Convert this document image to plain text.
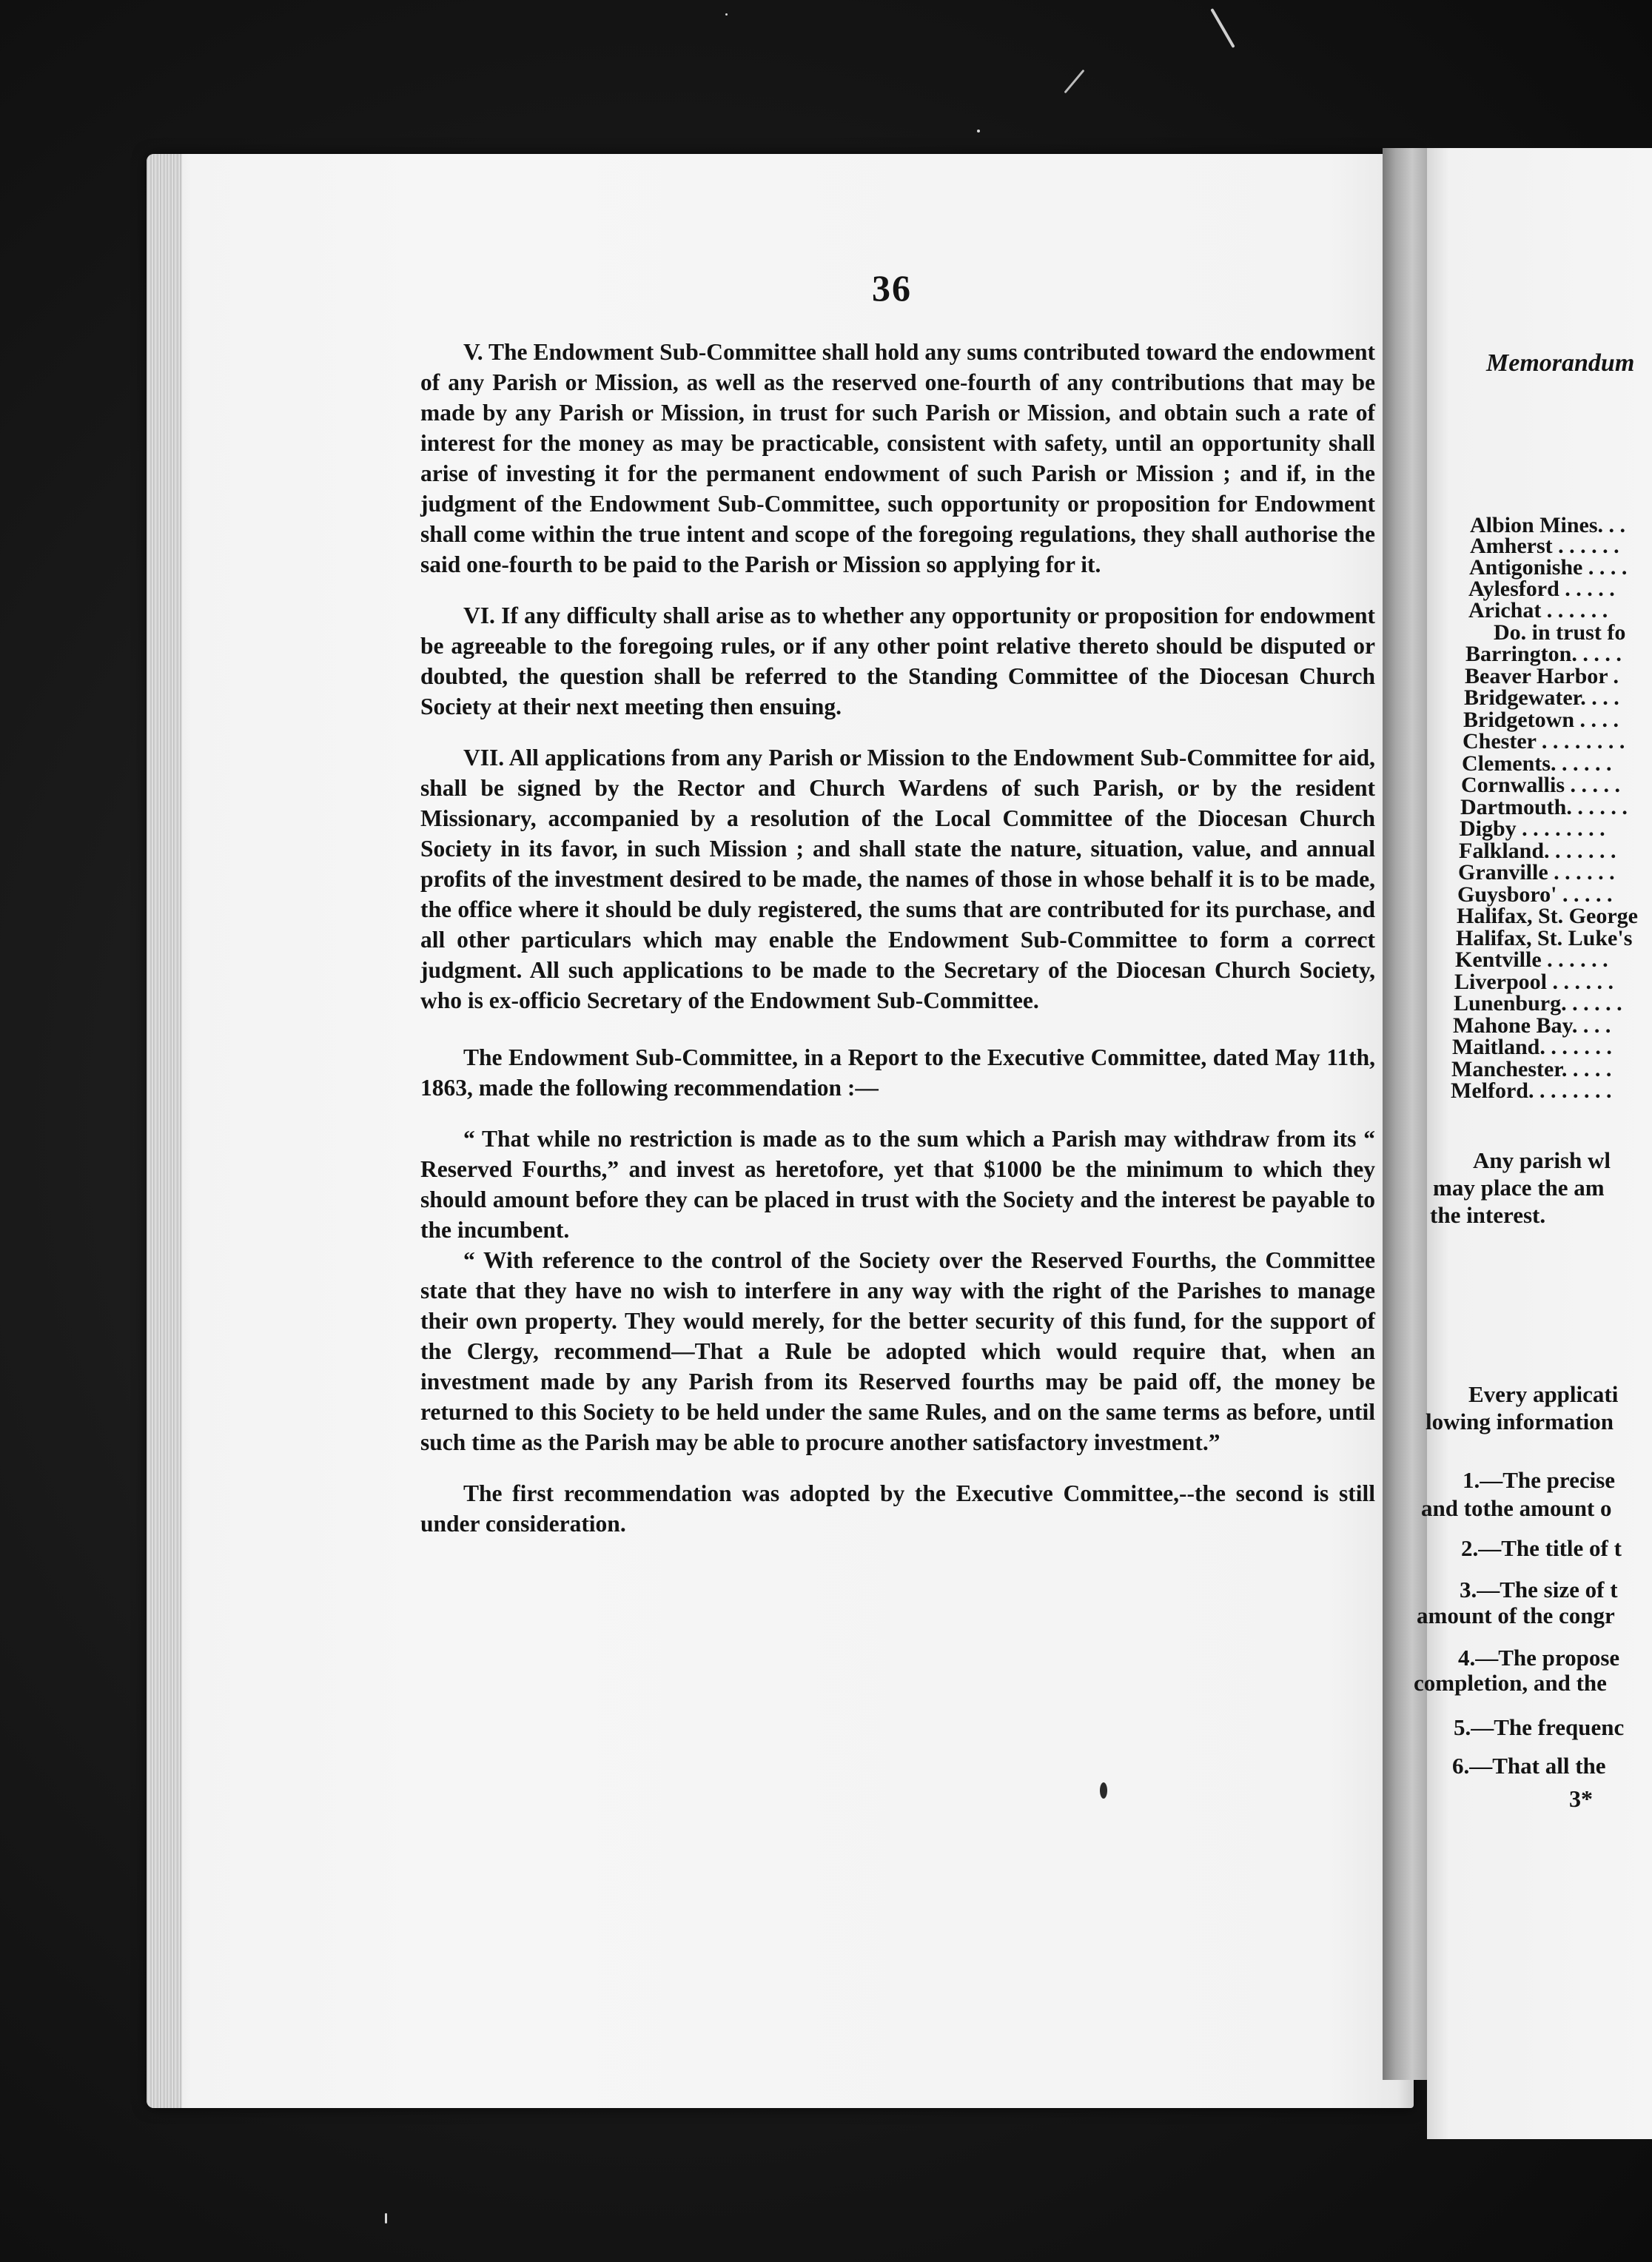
36

V. The Endowment Sub-Committee shall hold any sums contributed toward the endowment of any Parish or Mission, as well as the reserved one-fourth of any contributions that may be made by any Parish or Mission, in trust for such Parish or Mission, and obtain such a rate of interest for the money as may be practicable, consistent with safety, until an opportunity shall arise of investing it for the permanent endowment of such Parish or Mission ; and if, in the judgment of the Endowment Sub-Committee, such opportunity or proposition for Endowment shall come within the true intent and scope of the foregoing regulations, they shall authorise the said one-fourth to be paid to the Parish or Mission so applying for it.

VI. If any difficulty shall arise as to whether any opportunity or proposition for endowment be agreeable to the foregoing rules, or if any other point relative thereto should be disputed or doubted, the question shall be referred to the Standing Committee of the Diocesan Church Society at their next meeting then ensuing.

VII. All applications from any Parish or Mission to the Endowment Sub-Committee for aid, shall be signed by the Rector and Church Wardens of such Parish, or by the resident Missionary, accompanied by a resolution of the Local Committee of the Diocesan Church Society in its favor, in such Mission ; and shall state the nature, situation, value, and annual profits of the investment desired to be made, the names of those in whose behalf it is to be made, the office where it should be duly registered, the sums that are contributed for its purchase, and all other particulars which may enable the Endowment Sub-Committee to form a correct judgment. All such applications to be made to the Secretary of the Diocesan Church Society, who is ex-officio Secretary of the Endowment Sub-Committee.

The Endowment Sub-Committee, in a Report to the Executive Committee, dated May 11th, 1863, made the following recommendation :—

“ That while no restriction is made as to the sum which a Parish may withdraw from its “ Reserved Fourths,” and invest as heretofore, yet that $1000 be the minimum to which they should amount before they can be placed in trust with the Society and the interest be payable to the incumbent.

“ With reference to the control of the Society over the Reserved Fourths, the Committee state that they have no wish to interfere in any way with the right of the Parishes to manage their own property. They would merely, for the better security of this fund, for the support of the Clergy, recommend—That a Rule be adopted which would require that, when an investment made by any Parish from its Reserved fourths may be paid off, the money be returned to this Society to be held under the same Rules, and on the same terms as before, until such time as the Parish may be able to procure another satisfactory investment.”

The first recommendation was adopted by the Executive Committee,--the second is still under consideration.

Memorandum
Albion Mines. . .
Amherst . . . . . .
Antigonishe . . . .
Aylesford . . . . .
Arichat . . . . . .
Do. in trust fo
Barrington. . . . .
Beaver Harbor .
Bridgewater. . . .
Bridgetown . . . .
Chester . . . . . . . .
Clements. . . . . .
Cornwallis . . . . .
Dartmouth. . . . . .
Digby . . . . . . . .
Falkland. . . . . . .
Granville . . . . . .
Guysboro' . . . . .
Halifax, St. George
Halifax, St. Luke's
Kentville . . . . . .
Liverpool . . . . . .
Lunenburg. . . . . .
Mahone Bay. . . .
Maitland. . . . . . .
Manchester. . . . .
Melford. . . . . . . .
Any parish wl
may place the am
the interest.
Every applicati
lowing information
1.—The precise
and tothe amount o
2.—The title of t
3.—The size of t
amount of the congr
4.—The propose
completion, and the
5.—The frequenc
6.—That all the
3*
